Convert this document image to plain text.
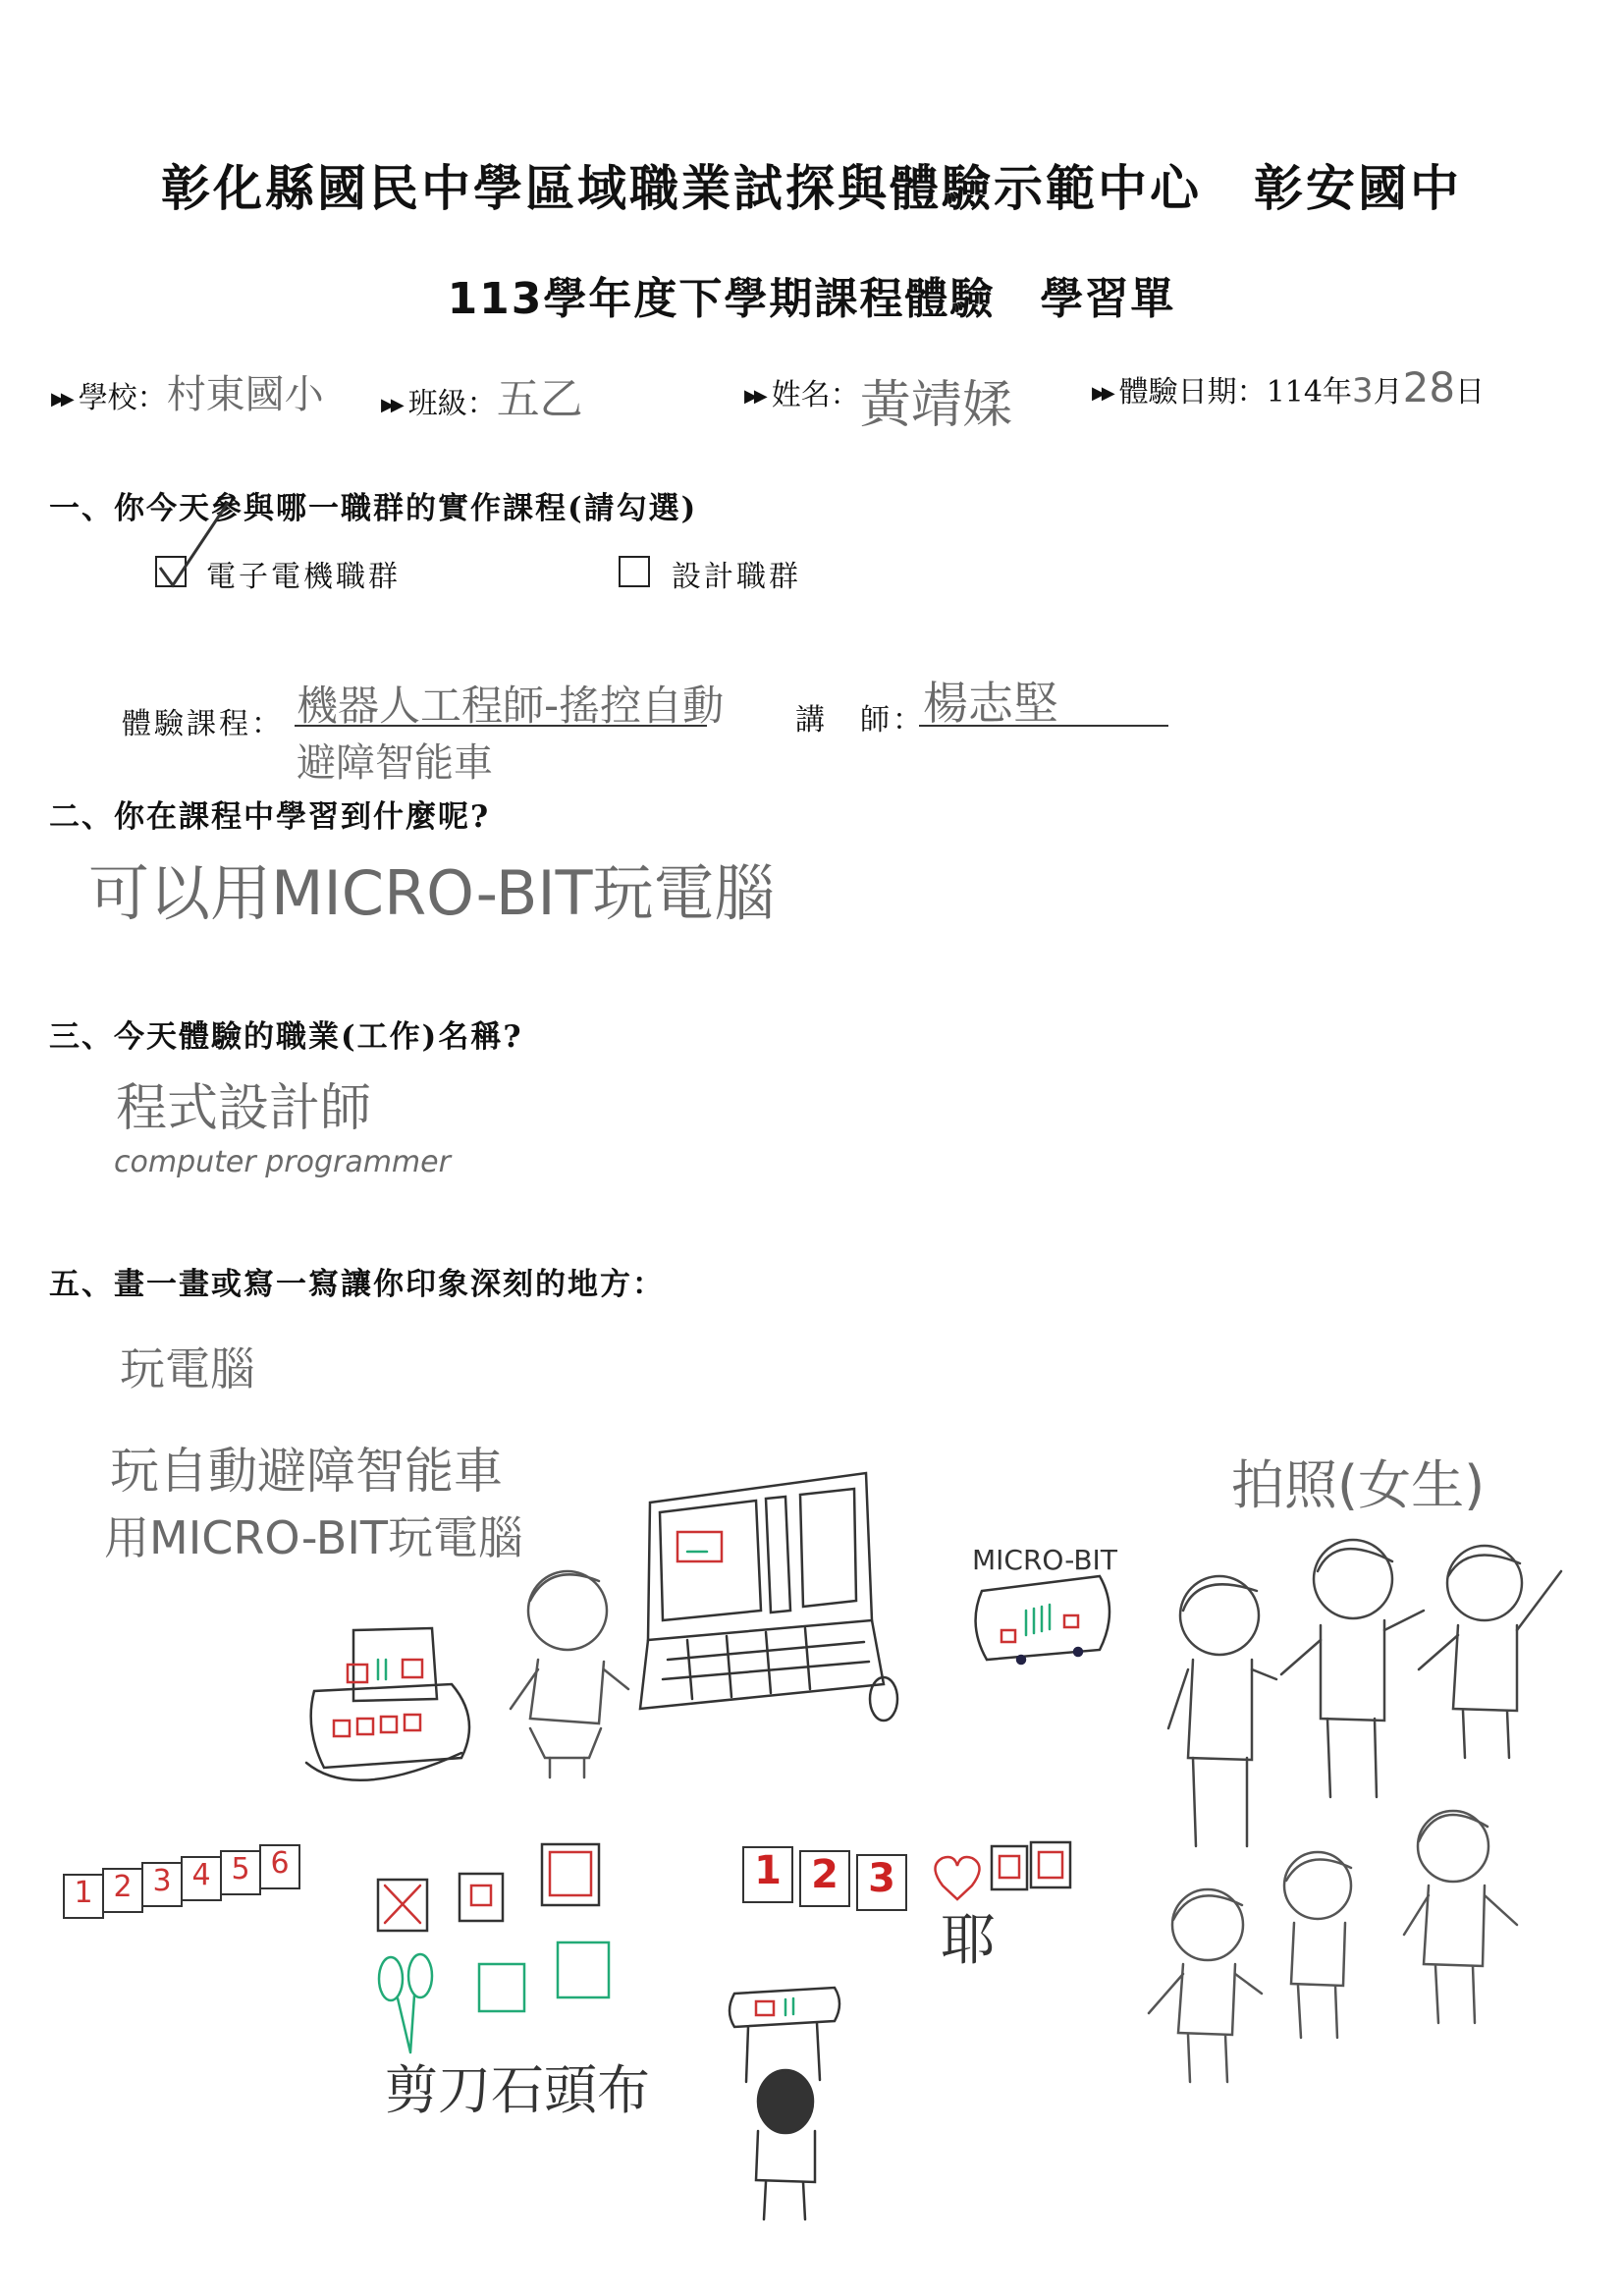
彰化縣國民中學區域職業試探與體驗示範中心　彰安國中
113學年度下學期課程體驗　學習單
▶▶ 學校：村東國小	▶▶ 班級：五乙	▶▶ 姓名：黃靖媃	▶▶ 體驗日期：114年3月28日
一、你今天參與哪一職群的實作課程(請勾選)
電子電機職群	設計職群
體驗課程： 機器人工程師-搖控自動
避障智能車
講　師：
楊志堅
二、你在課程中學習到什麼呢?
可以用MICRO-BIT玩電腦
三、今天體驗的職業(工作)名稱?
程式設計師
computer programmer
五、畫一畫或寫一寫讓你印象深刻的地方：
玩電腦
玩自動避障智能車
用MICRO-BIT玩電腦
拍照(女生)
MICRO-BIT
剪刀石頭布
耶
1 2 3 4 5 6	1 2 3
